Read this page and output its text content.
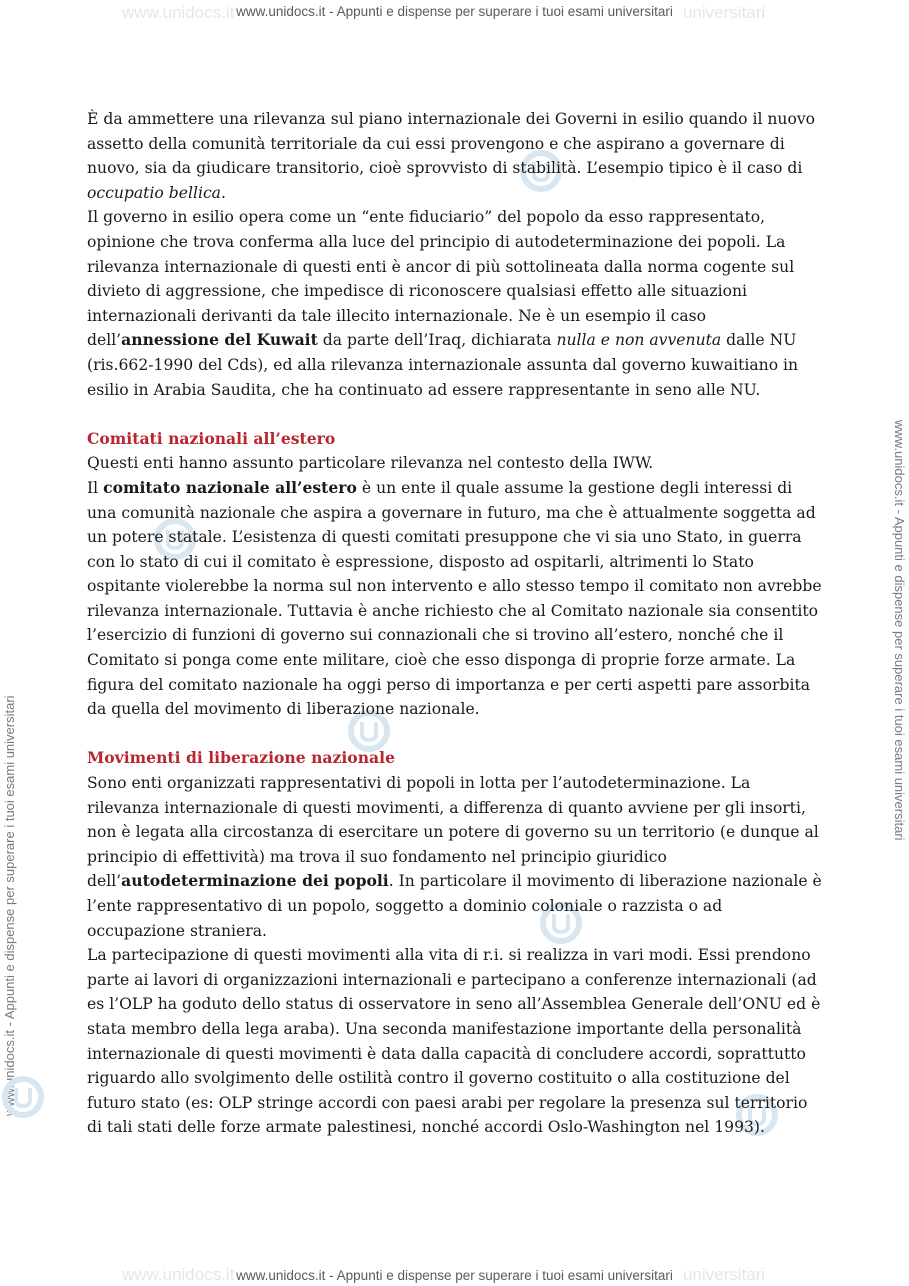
www.unidocs.it	universitari
www.unidocs.it	universitari
www.unidocs.it - Appunti e dispense per superare i tuoi esami universitari
www.unidocs.it - Appunti e dispense per superare i tuoi esami universitari
www.unidocs.it - Appunti e dispense per superare i tuoi esami universitari
www.unidocs.it - Appunti e dispense per superare i tuoi esami universitari

È da ammettere una rilevanza sul piano internazionale dei Governi in esilio quando il nuovo assetto della comunità territoriale da cui essi provengono e che aspirano a governare di nuovo, sia da giudicare transitorio, cioè sprovvisto di stabilità. L’esempio tipico è il caso di occupatio bellica.

Il governo in esilio opera come un “ente fiduciario” del popolo da esso rappresentato, opinione che trova conferma alla luce del principio di autodeterminazione dei popoli. La rilevanza internazionale di questi enti è ancor di più sottolineata dalla norma cogente sul divieto di aggressione, che impedisce di riconoscere qualsiasi effetto alle situazioni internazionali derivanti da tale illecito internazionale. Ne è un esempio il caso dell’annessione del Kuwait da parte dell’Iraq, dichiarata nulla e non avvenuta dalle NU (ris.662-1990 del Cds), ed alla rilevanza internazionale assunta dal governo kuwaitiano in esilio in Arabia Saudita, che ha continuato ad essere rappresentante in seno alle NU.

Comitati nazionali all’estero

Questi enti hanno assunto particolare rilevanza nel contesto della IWW.

Il comitato nazionale all’estero è un ente il quale assume la gestione degli interessi di una comunità nazionale che aspira a governare in futuro, ma che è attualmente soggetta ad un potere statale. L’esistenza di questi comitati presuppone che vi sia uno Stato, in guerra con lo stato di cui il comitato è espressione, disposto ad ospitarli, altrimenti lo Stato ospitante violerebbe la norma sul non intervento e allo stesso tempo il comitato non avrebbe rilevanza internazionale. Tuttavia è anche richiesto che al Comitato nazionale sia consentito l’esercizio di funzioni di governo sui connazionali che si trovino all’estero, nonché che il Comitato si ponga come ente militare, cioè che esso disponga di proprie forze armate. La figura del comitato nazionale ha oggi perso di importanza e per certi aspetti pare assorbita da quella del movimento di liberazione nazionale.

Movimenti di liberazione nazionale

Sono enti organizzati rappresentativi di popoli in lotta per l’autodeterminazione. La rilevanza internazionale di questi movimenti, a differenza di quanto avviene per gli insorti, non è legata alla circostanza di esercitare un potere di governo su un territorio (e dunque al principio di effettività) ma trova il suo fondamento nel principio giuridico dell’autodeterminazione dei popoli. In particolare il movimento di liberazione nazionale è l’ente rappresentativo di un popolo, soggetto a dominio coloniale o razzista o ad occupazione straniera.

La partecipazione di questi movimenti alla vita di r.i. si realizza in vari modi. Essi prendono parte ai lavori di organizzazioni internazionali e partecipano a conferenze internazionali (ad es l’OLP ha goduto dello status di osservatore in seno all’Assemblea Generale dell’ONU ed è stata membro della lega araba). Una seconda manifestazione importante della personalità internazionale di questi movimenti è data dalla capacità di concludere accordi, soprattutto riguardo allo svolgimento delle ostilità contro il governo costituito o alla costituzione del futuro stato (es: OLP stringe accordi con paesi arabi per regolare la presenza sul territorio di tali stati delle forze armate palestinesi, nonché accordi Oslo-Washington nel 1993).
